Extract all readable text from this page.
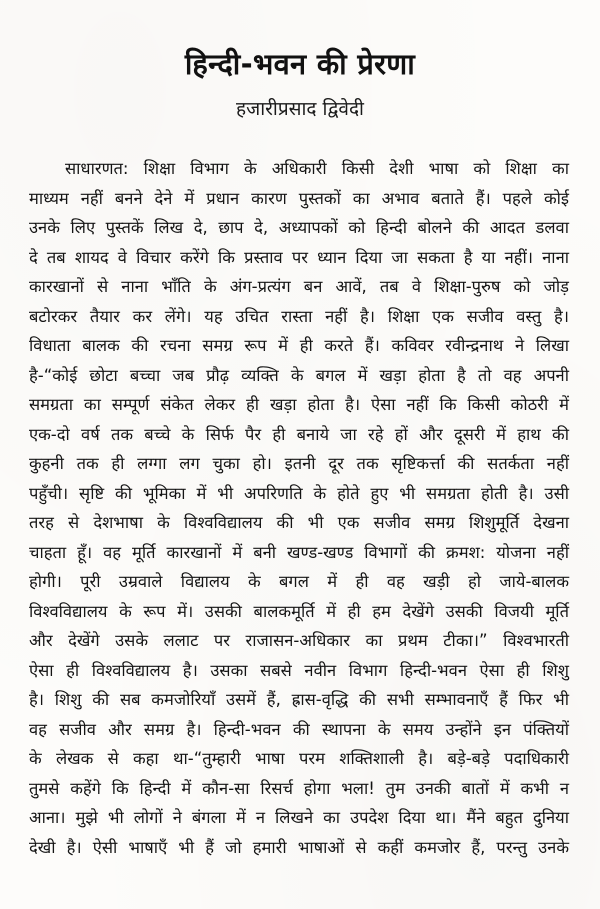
हिन्दी-भवन की प्रेरणा
हजारीप्रसाद द्विवेदी
साधारणत: शिक्षा विभाग के अधिकारी किसी देशी भाषा को शिक्षा का
माध्यम नहीं बनने देने में प्रधान कारण पुस्तकों का अभाव बताते हैं। पहले कोई
उनके लिए पुस्तकें लिख दे, छाप दे, अध्यापकों को हिन्दी बोलने की आदत डलवा
दे तब शायद वे विचार करेंगे कि प्रस्ताव पर ध्यान दिया जा सकता है या नहीं। नाना
कारखानों से नाना भाँति के अंग-प्रत्यंग बन आवें, तब वे शिक्षा-पुरुष को जोड़
बटोरकर तैयार कर लेंगे। यह उचित रास्ता नहीं है। शिक्षा एक सजीव वस्तु है।
विधाता बालक की रचना समग्र रूप में ही करते हैं। कविवर रवीन्द्रनाथ ने लिखा
है-“कोई छोटा बच्चा जब प्रौढ़ व्यक्ति के बगल में खड़ा होता है तो वह अपनी
समग्रता का सम्पूर्ण संकेत लेकर ही खड़ा होता है। ऐसा नहीं कि किसी कोठरी में
एक-दो वर्ष तक बच्चे के सिर्फ पैर ही बनाये जा रहे हों और दूसरी में हाथ की
कुहनी तक ही लग्गा लग चुका हो। इतनी दूर तक सृष्टिकर्त्ता की सतर्कता नहीं
पहुँची। सृष्टि की भूमिका में भी अपरिणति के होते हुए भी समग्रता होती है। उसी
तरह से देशभाषा के विश्वविद्यालय की भी एक सजीव समग्र शिशुमूर्ति देखना
चाहता हूँ। वह मूर्ति कारखानों में बनी खण्ड-खण्ड विभागों की क्रमश: योजना नहीं
होगी। पूरी उम्रवाले विद्यालय के बगल में ही वह खड़ी हो जाये-बालक
विश्वविद्यालय के रूप में। उसकी बालकमूर्ति में ही हम देखेंगे उसकी विजयी मूर्ति
और देखेंगे उसके ललाट पर राजासन-अधिकार का प्रथम टीका।” विश्वभारती
ऐसा ही विश्वविद्यालय है। उसका सबसे नवीन विभाग हिन्दी-भवन ऐसा ही शिशु
है। शिशु की सब कमजोरियाँ उसमें हैं, ह्रास-वृद्धि की सभी सम्भावनाएँ हैं फिर भी
वह सजीव और समग्र है। हिन्दी-भवन की स्थापना के समय उन्होंने इन पंक्तियों
के लेखक से कहा था-“तुम्हारी भाषा परम शक्तिशाली है। बड़े-बड़े पदाधिकारी
तुमसे कहेंगे कि हिन्दी में कौन-सा रिसर्च होगा भला! तुम उनकी बातों में कभी न
आना। मुझे भी लोगों ने बंगला में न लिखने का उपदेश दिया था। मैंने बहुत दुनिया
देखी है। ऐसी भाषाएँ भी हैं जो हमारी भाषाओं से कहीं कमजोर हैं, परन्तु उनके
